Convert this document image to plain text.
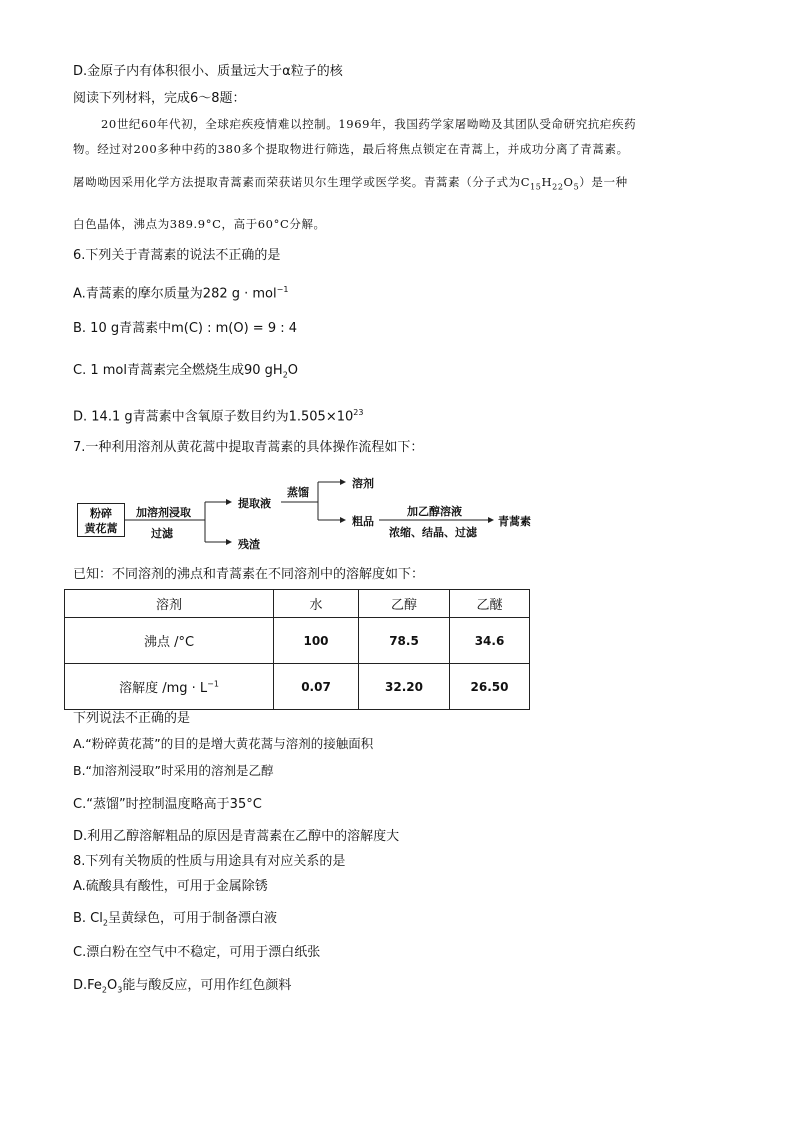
D.金原子内有体积很小、质量远大于α粒子的核
阅读下列材料，完成6～8题：
20世纪60年代初，全球疟疾疫情难以控制。1969年，我国药学家屠呦呦及其团队受命研究抗疟疾药
物。经过对200多种中药的380多个提取物进行筛选，最后将焦点锁定在青蒿上，并成功分离了青蒿素。
屠呦呦因采用化学方法提取青蒿素而荣获诺贝尔生理学或医学奖。青蒿素（分子式为$C_{15}H_{22}O_5$）是一种
白色晶体，沸点为389.9°C，高于60°C分解。
6.下列关于青蒿素的说法不正确的是
A.青蒿素的摩尔质量为282 g · mol$^{-1}$
B. 10 g青蒿素中m(C) : m(O) = 9 : 4
C. 1 mol青蒿素完全燃烧生成90 $gH_2O$
D. 14.1 g青蒿素中含氧原子数目约为$1.505\times 10^{23}$
7.一种利用溶剂从黄花蒿中提取青蒿素的具体操作流程如下：
粉碎
黄花蒿
加溶剂浸取
过滤
提取液
残渣
蒸馏
溶剂
粗品
加乙醇溶液
浓缩、结晶、过滤
青蒿素
已知：不同溶剂的沸点和青蒿素在不同溶剂中的溶解度如下：
溶剂	水	乙醇	乙醚
沸点 /°C	100	78.5	34.6
溶解度 $/mg \cdot L^{-1}$	0.07	32.20	26.50
下列说法不正确的是
A.“粉碎黄花蒿”的目的是增大黄花蒿与溶剂的接触面积
B.“加溶剂浸取”时采用的溶剂是乙醇
C.“蒸馏”时控制温度略高于35°C
D.利用乙醇溶解粗品的原因是青蒿素在乙醇中的溶解度大
8.下列有关物质的性质与用途具有对应关系的是
A.硫酸具有酸性，可用于金属除锈
B. $Cl_2$呈黄绿色，可用于制备漂白液
C.漂白粉在空气中不稳定，可用于漂白纸张
$D.Fe_2O_3$能与酸反应，可用作红色颜料
